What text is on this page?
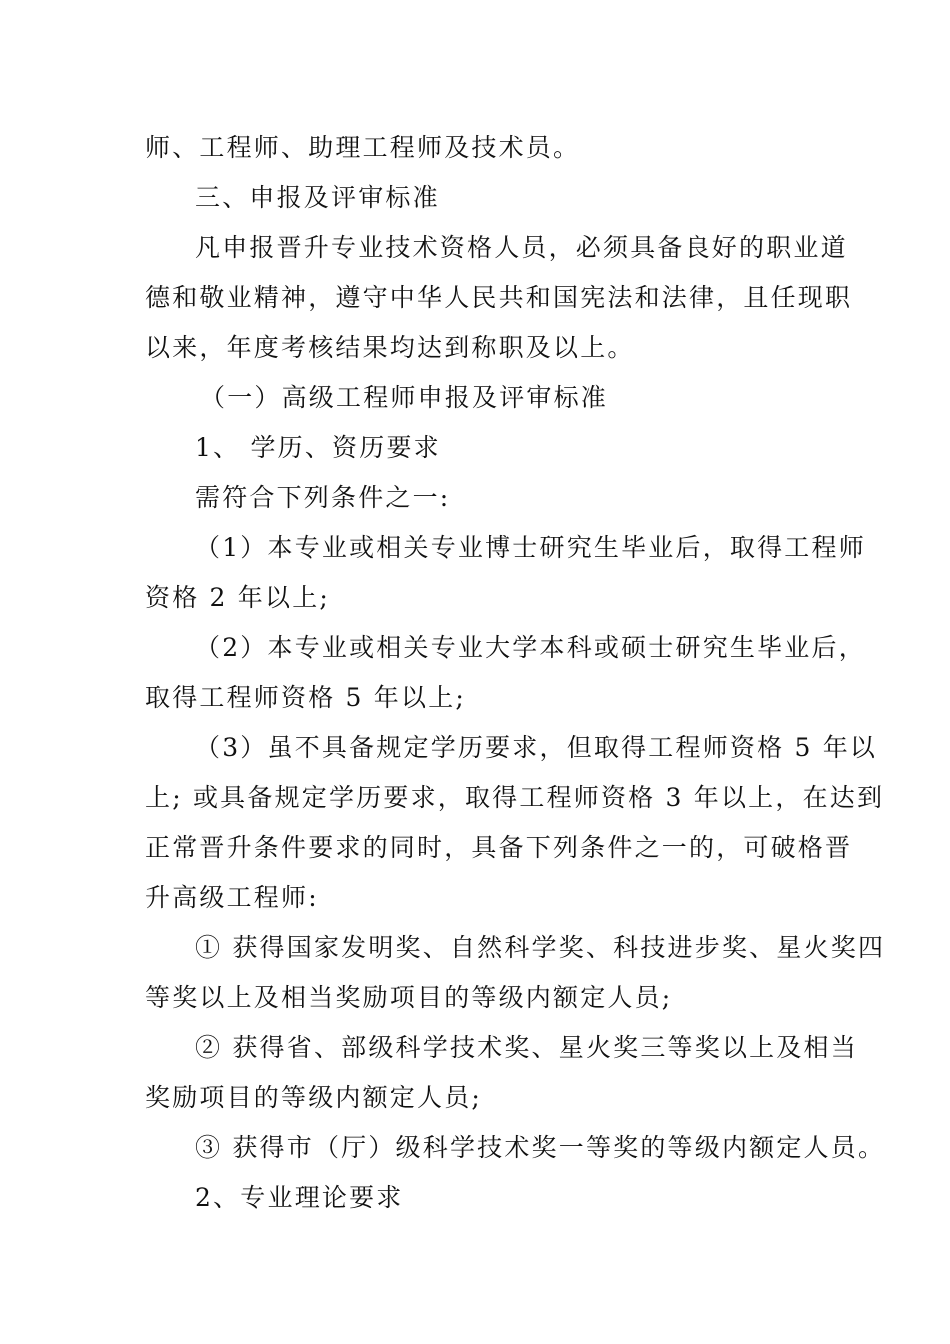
师、工程师、助理工程师及技术员。
三、申报及评审标准
凡申报晋升专业技术资格人员，必须具备良好的职业道
德和敬业精神，遵守中华人民共和国宪法和法律，且任现职
以来，年度考核结果均达到称职及以上。
（一）高级工程师申报及评审标准
1、 学历、资历要求
需符合下列条件之一:
（1）本专业或相关专业博士研究生毕业后，取得工程师
资格 2 年以上;
（2）本专业或相关专业大学本科或硕士研究生毕业后，
取得工程师资格 5 年以上;
（3）虽不具备规定学历要求，但取得工程师资格 5 年以
上; 或具备规定学历要求，取得工程师资格 3 年以上，在达到
正常晋升条件要求的同时，具备下列条件之一的，可破格晋
升高级工程师:
① 获得国家发明奖、自然科学奖、科技进步奖、星火奖四
等奖以上及相当奖励项目的等级内额定人员;
② 获得省、部级科学技术奖、星火奖三等奖以上及相当
奖励项目的等级内额定人员;
③ 获得市（厅）级科学技术奖一等奖的等级内额定人员。
2、专业理论要求
